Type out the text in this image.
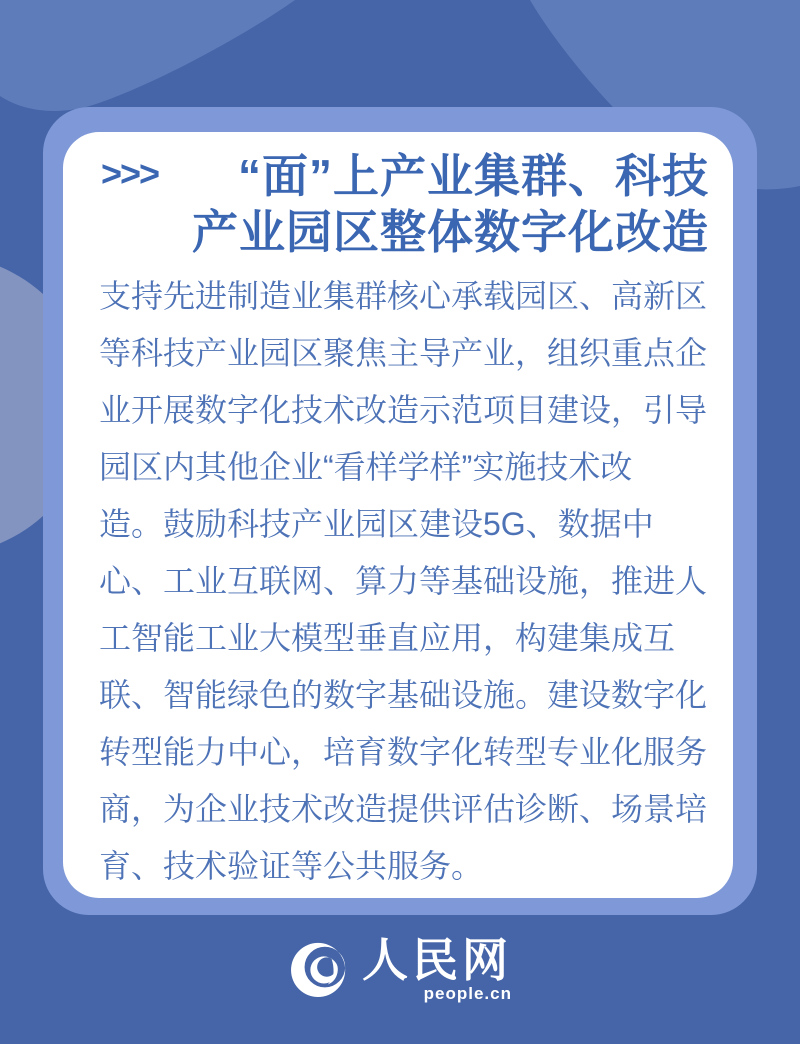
>>>	“面”上产业集群、科技
产业园区整体数字化改造
支持先进制造业集群核心承载园区、高新区
等科技产业园区聚焦主导产业，组织重点企
业开展数字化技术改造示范项目建设，引导
园区内其他企业“看样学样”实施技术改
造。鼓励科技产业园区建设5G、数据中
心、工业互联网、算力等基础设施，推进人
工智能工业大模型垂直应用，构建集成互
联、智能绿色的数字基础设施。建设数字化
转型能力中心，培育数字化转型专业化服务
商，为企业技术改造提供评估诊断、场景培
育、技术验证等公共服务。
人民网
people.cn
